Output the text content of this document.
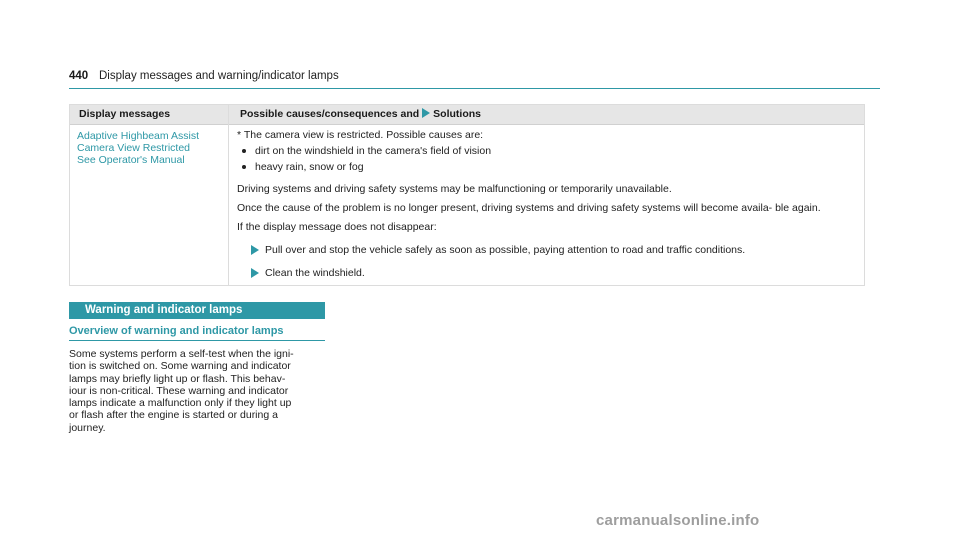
440 Display messages and warning/indicator lamps
Display messages	Possible causes/consequences and Solutions
Adaptive Highbeam Assist
Camera View Restricted
See Operator's Manual
* The camera view is restricted. Possible causes are:
dirt on the windshield in the camera's field of vision
heavy rain, snow or fog
Driving systems and driving safety systems may be malfunctioning or temporarily unavailable.
Once the cause of the problem is no longer present, driving systems and driving safety systems will become availa- ble again.
If the display message does not disappear:
Pull over and stop the vehicle safely as soon as possible, paying attention to road and traffic conditions.
Clean the windshield.
Warning and indicator lamps
Overview of warning and indicator lamps
Some systems perform a self-test when the igni-
tion is switched on. Some warning and indicator
lamps may briefly light up or flash. This behav-
iour is non-critical. These warning and indicator
lamps indicate a malfunction only if they light up
or flash after the engine is started or during a
journey.
carmanualsonline.info
